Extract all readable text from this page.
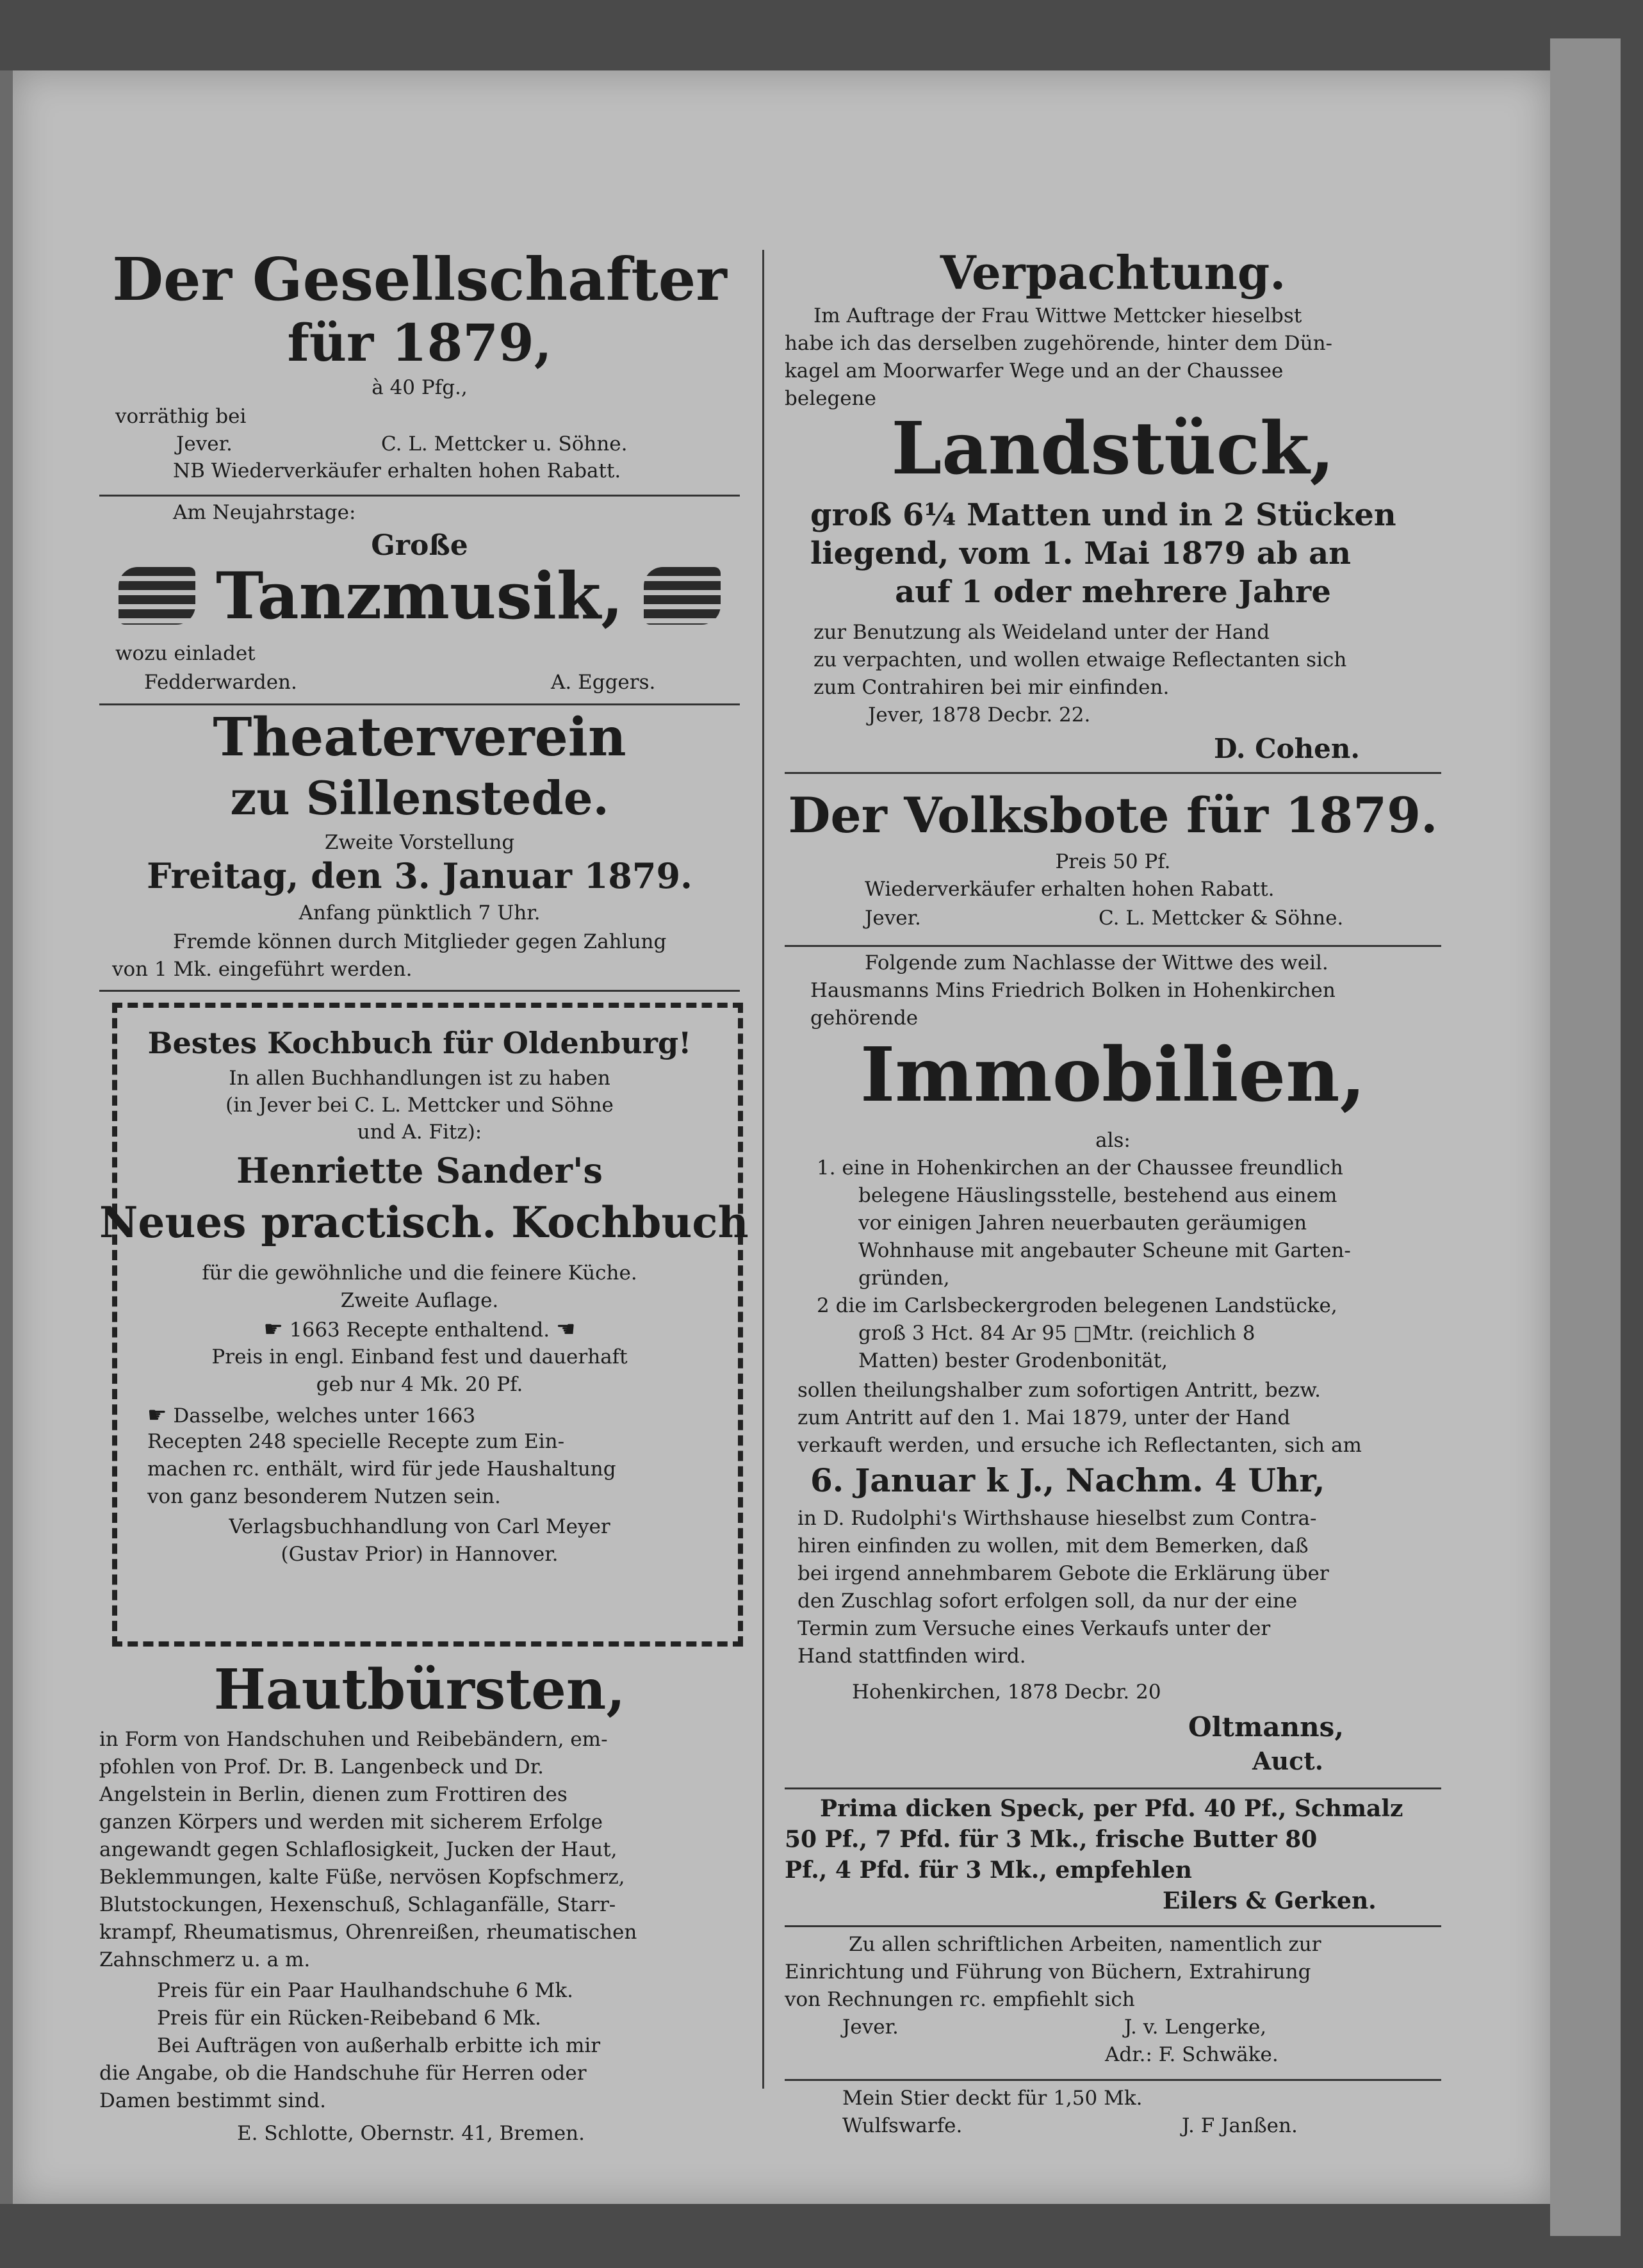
Der Gesellschafter
für 1879,
à 40 Pfg.,
vorräthig bei
Jever.	C. L. Mettcker u. Söhne.
NB Wiederverkäufer erhalten hohen Rabatt.
Am Neujahrstage:
Große
Tanzmusik,
wozu einladet
Fedderwarden.	A. Eggers.
Theaterverein
zu Sillenstede.
Zweite Vorstellung
Freitag, den 3. Januar 1879.
Anfang pünktlich 7 Uhr.
Fremde können durch Mitglieder gegen Zahlung
von 1 Mk. eingeführt werden.
Bestes Kochbuch für Oldenburg!
In allen Buchhandlungen ist zu haben
(in Jever bei C. L. Mettcker und Söhne
und A. Fitz):
Henriette Sander's
Neues practisch. Kochbuch
für die gewöhnliche und die feinere Küche.
Zweite Auflage.
☛ 1663 Recepte enthaltend. ☚
Preis in engl. Einband fest und dauerhaft
geb nur 4 Mk. 20 Pf.
☛ Dasselbe, welches unter 1663
Recepten 248 specielle Recepte zum Ein-
machen rc. enthält, wird für jede Haushaltung
von ganz besonderem Nutzen sein.
Verlagsbuchhandlung von Carl Meyer
(Gustav Prior) in Hannover.
Hautbürsten,
in Form von Handschuhen und Reibebändern, em-
pfohlen von Prof. Dr. B. Langenbeck und Dr.
Angelstein in Berlin, dienen zum Frottiren des
ganzen Körpers und werden mit sicherem Erfolge
angewandt gegen Schlaflosigkeit, Jucken der Haut,
Beklemmungen, kalte Füße, nervösen Kopfschmerz,
Blutstockungen, Hexenschuß, Schlaganfälle, Starr-
krampf, Rheumatismus, Ohrenreißen, rheumatischen
Zahnschmerz u. a m.
Preis für ein Paar Haulhandschuhe 6 Mk.
Preis für ein Rücken-Reibeband 6 Mk.
Bei Aufträgen von außerhalb erbitte ich mir
die Angabe, ob die Handschuhe für Herren oder
Damen bestimmt sind.
E. Schlotte, Obernstr. 41, Bremen.
Verpachtung.
Im Auftrage der Frau Wittwe Mettcker hieselbst
habe ich das derselben zugehörende, hinter dem Dün-
kagel am Moorwarfer Wege und an der Chaussee
belegene
Landstück,
groß 6¼ Matten und in 2 Stücken
liegend, vom 1. Mai 1879 ab an
auf 1 oder mehrere Jahre
zur Benutzung als Weideland unter der Hand
zu verpachten, und wollen etwaige Reflectanten sich
zum Contrahiren bei mir einfinden.
Jever, 1878 Decbr. 22.
D. Cohen.
Der Volksbote für 1879.
Preis 50 Pf.
Wiederverkäufer erhalten hohen Rabatt.
Jever.	C. L. Mettcker & Söhne.
Folgende zum Nachlasse der Wittwe des weil.
Hausmanns Mins Friedrich Bolken in Hohenkirchen
gehörende
Immobilien,
als:
1. eine in Hohenkirchen an der Chaussee freundlich
belegene Häuslingsstelle, bestehend aus einem
vor einigen Jahren neuerbauten geräumigen
Wohnhause mit angebauter Scheune mit Garten-
gründen,
2 die im Carlsbeckergroden belegenen Landstücke,
groß 3 Hct. 84 Ar 95 □Mtr. (reichlich 8
Matten) bester Grodenbonität,
sollen theilungshalber zum sofortigen Antritt, bezw.
zum Antritt auf den 1. Mai 1879, unter der Hand
verkauft werden, und ersuche ich Reflectanten, sich am
6. Januar k J., Nachm. 4 Uhr,
in D. Rudolphi's Wirthshause hieselbst zum Contra-
hiren einfinden zu wollen, mit dem Bemerken, daß
bei irgend annehmbarem Gebote die Erklärung über
den Zuschlag sofort erfolgen soll, da nur der eine
Termin zum Versuche eines Verkaufs unter der
Hand stattfinden wird.
Hohenkirchen, 1878 Decbr. 20
Oltmanns,
Auct.
Prima dicken Speck, per Pfd. 40 Pf., Schmalz
50 Pf., 7 Pfd. für 3 Mk., frische Butter 80
Pf., 4 Pfd. für 3 Mk., empfehlen
Eilers & Gerken.
Zu allen schriftlichen Arbeiten, namentlich zur
Einrichtung und Führung von Büchern, Extrahirung
von Rechnungen rc. empfiehlt sich
Jever.	J. v. Lengerke,
Adr.: F. Schwäke.
Mein Stier deckt für 1,50 Mk.
Wulfswarfe.	J. F Janßen.
